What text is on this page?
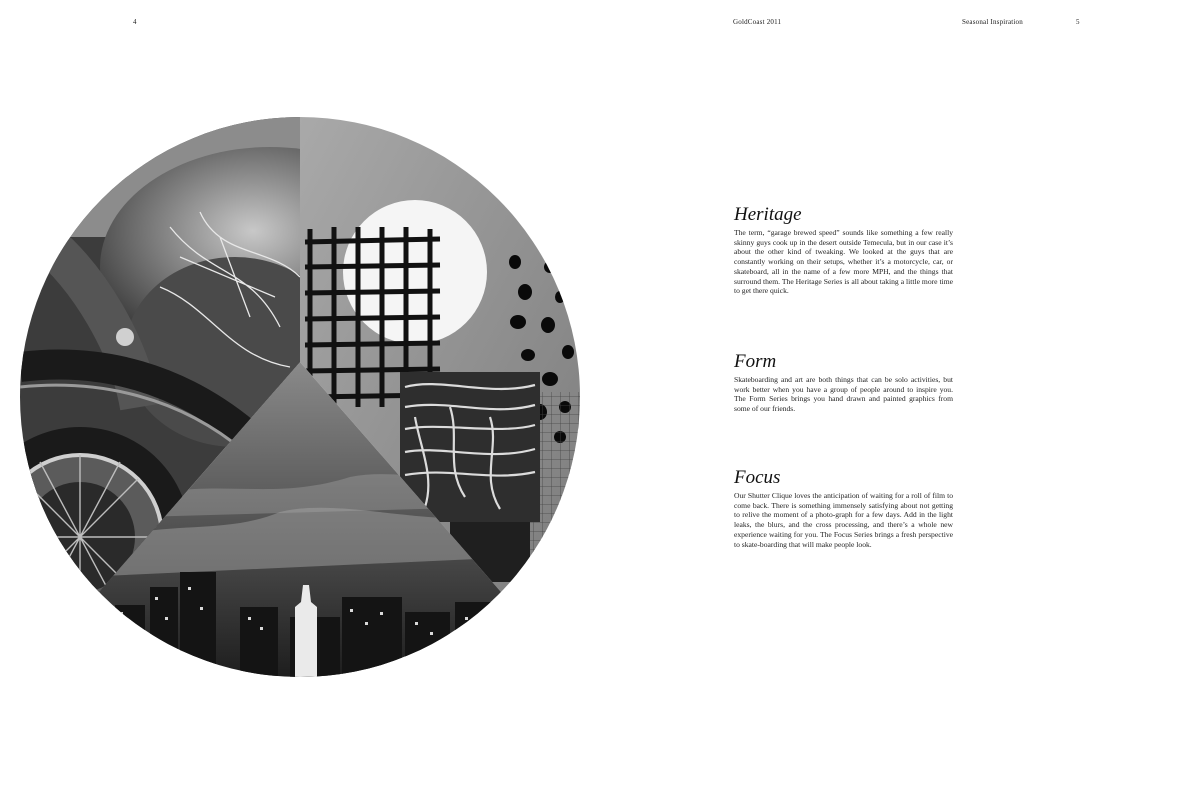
4	GoldCoast 2011	Seasonal Inspiration	5
Heritage

The term, “garage brewed speed” sounds like something a few really skinny guys cook up in the desert outside Temecula, but in our case it’s about the other kind of tweaking. We looked at the guys that are constantly working on their setups, whether it’s a motorcycle, car, or skateboard, all in the name of a few more MPH, and the things that surround them. The Heritage Series is all about taking a little more time to get there quick.

Form

Skateboarding and art are both things that can be solo activities, but work better when you have a group of people around to inspire you. The Form Series brings you hand drawn and painted graphics from some of our friends.

Focus

Our Shutter Clique loves the anticipation of waiting for a roll of film to come back. There is something immensely satisfying about not getting to relive the moment of a photo-graph for a few days. Add in the light leaks, the blurs, and the cross processing, and there’s a whole new experience waiting for you. The Focus Series brings a fresh perspective to skate-boarding that will make people look.
